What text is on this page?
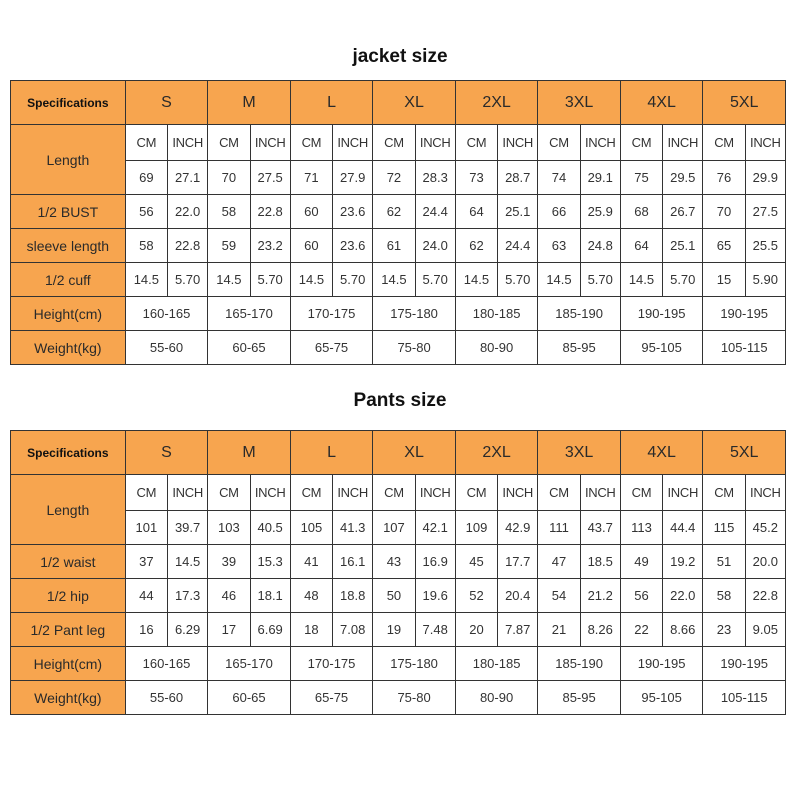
jacket size
Specifications	S		M		L		XL		2XL		3XL		4XL		5XL	
Length	CM	INCH	CM	INCH	CM	INCH	CM	INCH	CM	INCH	CM	INCH	CM	INCH	CM	INCH
	69	27.1	70	27.5	71	27.9	72	28.3	73	28.7	74	29.1	75	29.5	76	29.9
1/2 BUST	56	22.0	58	22.8	60	23.6	62	24.4	64	25.1	66	25.9	68	26.7	70	27.5
sleeve length	58	22.8	59	23.2	60	23.6	61	24.0	62	24.4	63	24.8	64	25.1	65	25.5
1/2 cuff	14.5	5.70	14.5	5.70	14.5	5.70	14.5	5.70	14.5	5.70	14.5	5.70	14.5	5.70	15	5.90
Height(cm)	160-165		165-170		170-175		175-180		180-185		185-190		190-195		190-195	
Weight(kg)	55-60		60-65		65-75		75-80		80-90		85-95		95-105		105-115	
Pants size
Specifications	S		M		L		XL		2XL		3XL		4XL		5XL	
Length	CM	INCH	CM	INCH	CM	INCH	CM	INCH	CM	INCH	CM	INCH	CM	INCH	CM	INCH
	101	39.7	103	40.5	105	41.3	107	42.1	109	42.9	111	43.7	113	44.4	115	45.2
1/2 waist	37	14.5	39	15.3	41	16.1	43	16.9	45	17.7	47	18.5	49	19.2	51	20.0
1/2 hip	44	17.3	46	18.1	48	18.8	50	19.6	52	20.4	54	21.2	56	22.0	58	22.8
1/2 Pant leg	16	6.29	17	6.69	18	7.08	19	7.48	20	7.87	21	8.26	22	8.66	23	9.05
Height(cm)	160-165		165-170		170-175		175-180		180-185		185-190		190-195		190-195	
Weight(kg)	55-60		60-65		65-75		75-80		80-90		85-95		95-105		105-115	
